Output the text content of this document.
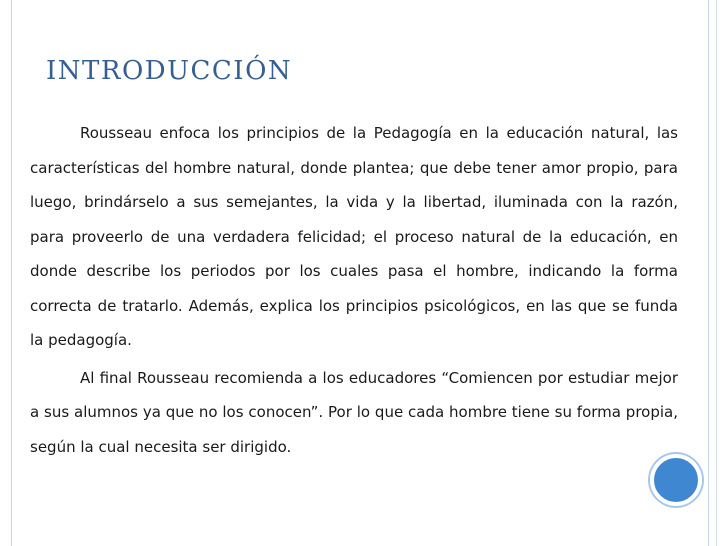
INTRODUCCIÓN

Rousseau enfoca los principios de la Pedagogía en la educación natural, las características del hombre natural, donde plantea; que debe tener amor propio, para luego, brindárselo a sus semejantes, la vida y la libertad, iluminada con la razón, para proveerlo de una verdadera felicidad; el proceso natural de la educación, en donde describe los periodos por los cuales pasa el hombre, indicando la forma correcta de tratarlo. Además, explica los principios psicológicos, en las que se funda la pedagogía.

Al final Rousseau recomienda a los educadores “Comiencen por estudiar mejor a sus alumnos ya que no los conocen”. Por lo que cada hombre tiene su forma propia, según la cual necesita ser dirigido.
